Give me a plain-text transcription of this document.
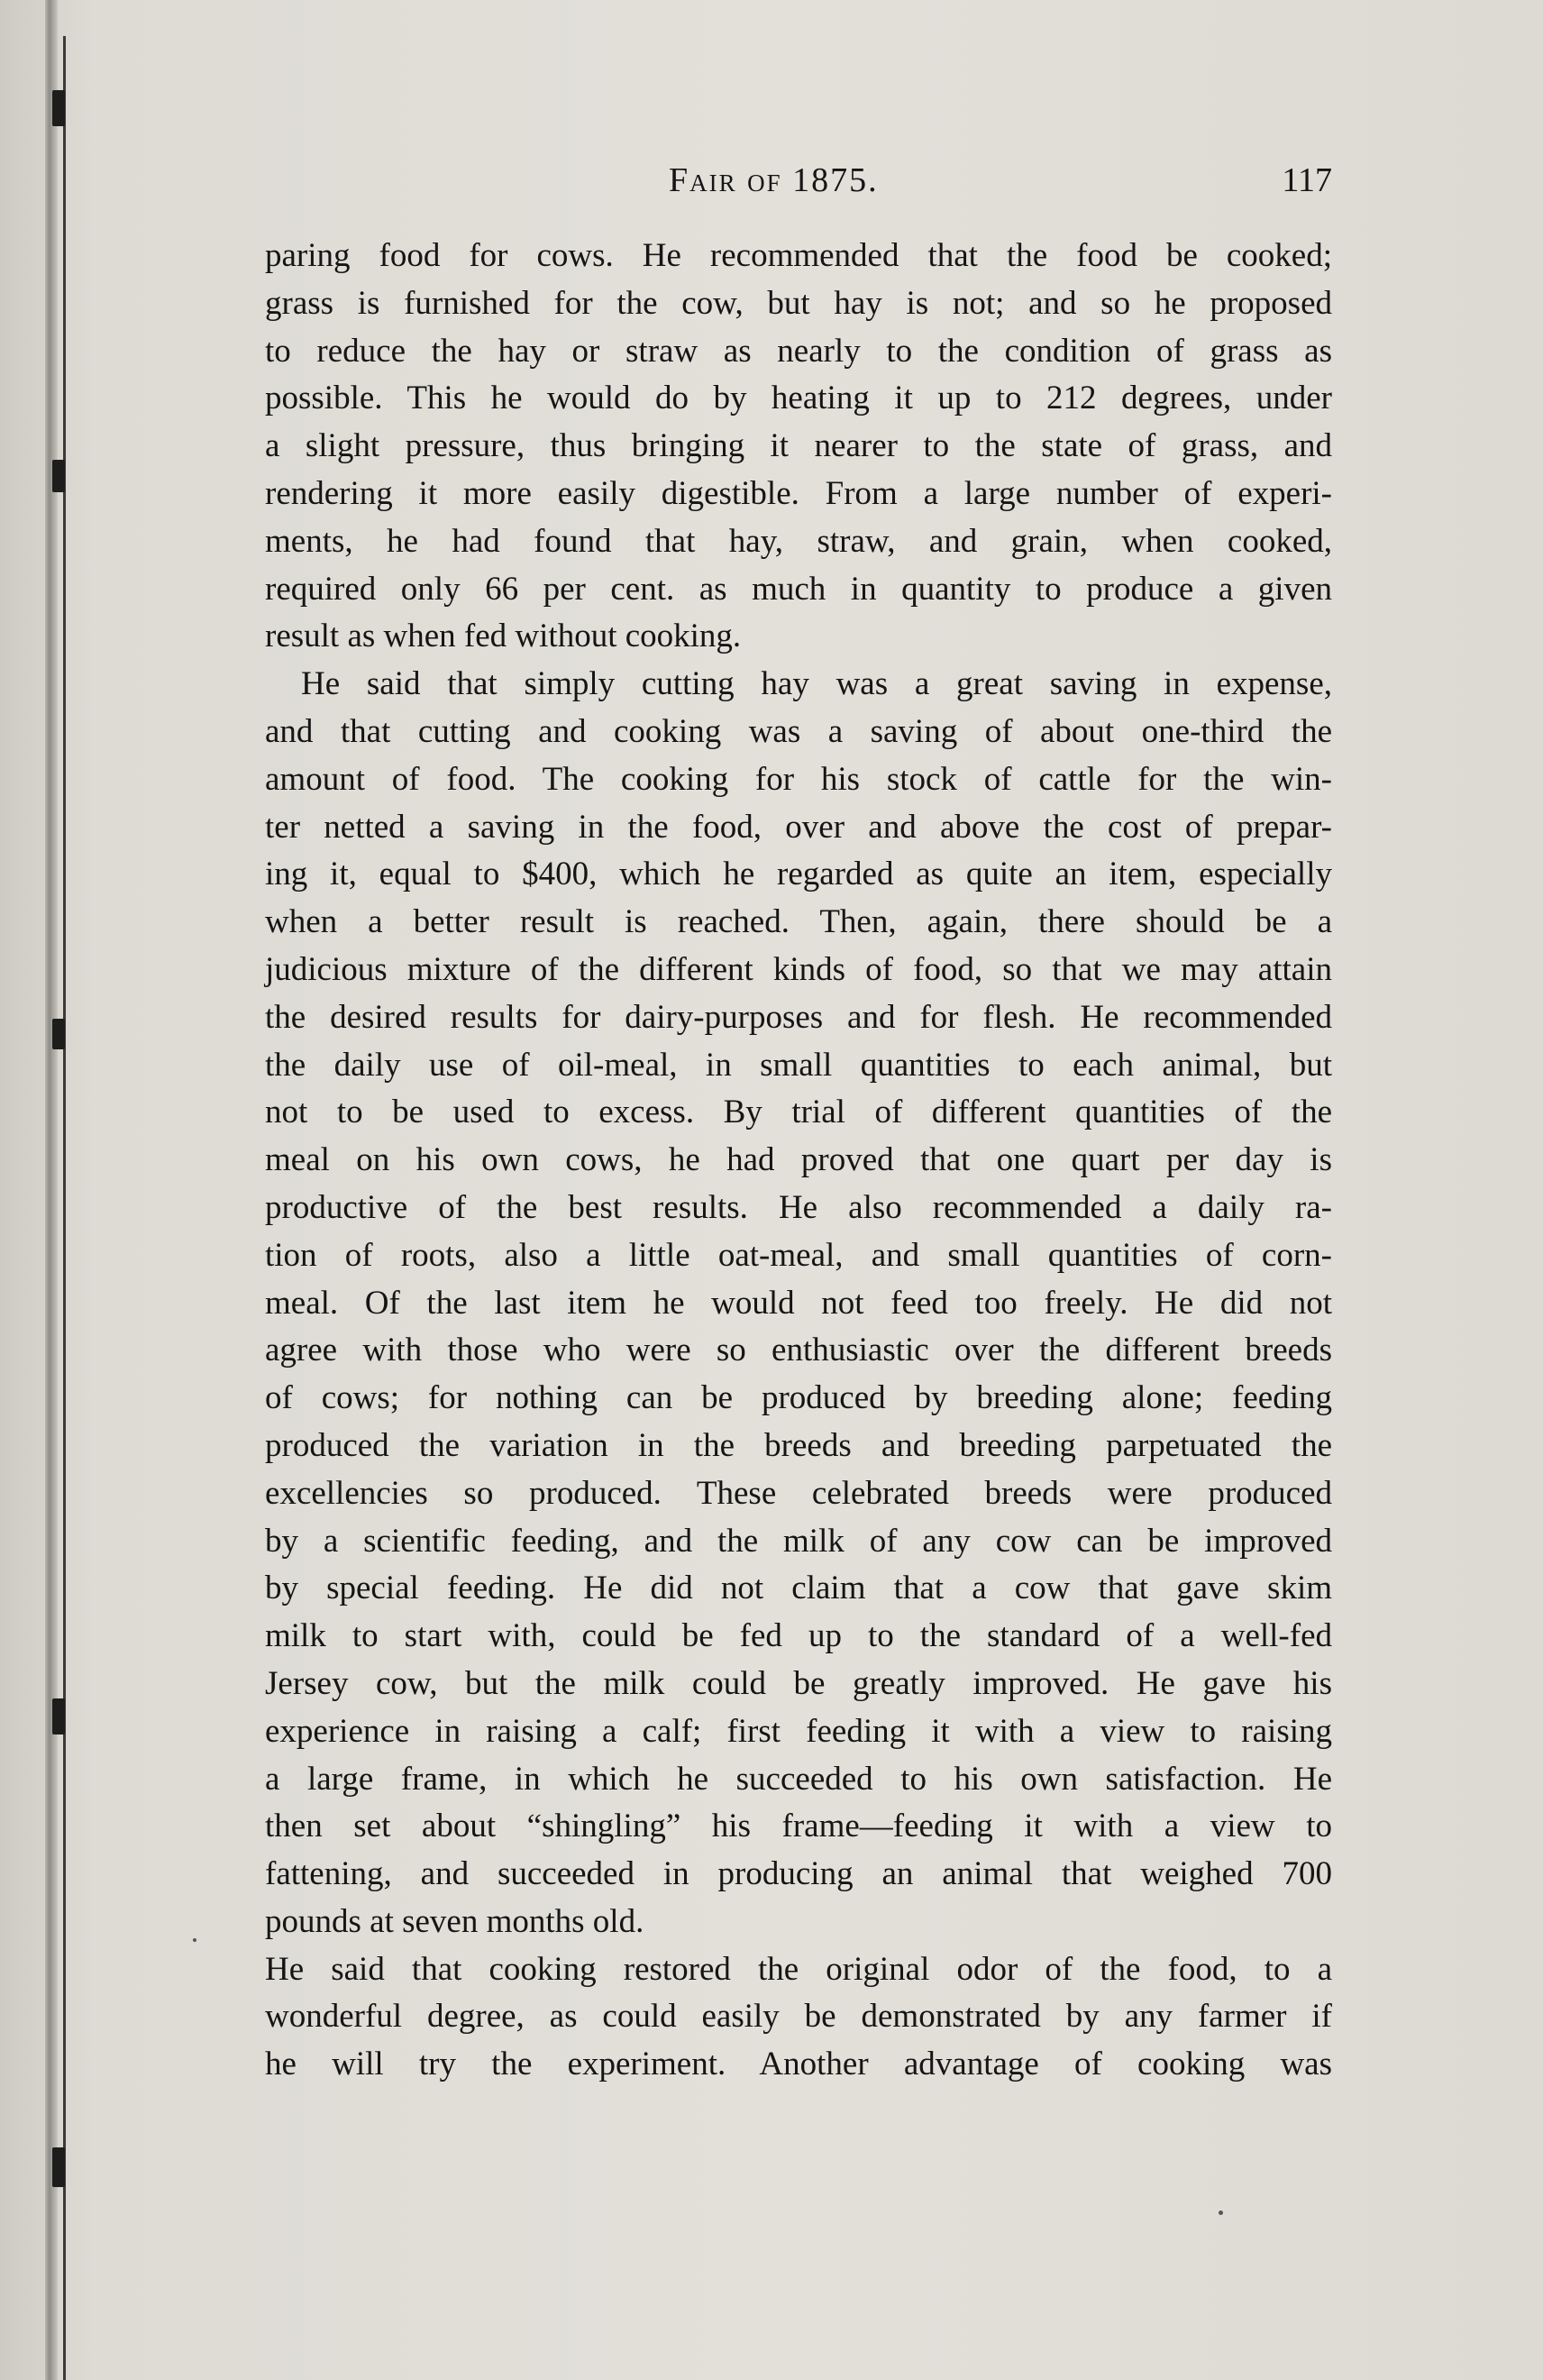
Fair of 1875.	117
paring food for cows. He recommended that the food be cooked;
grass is furnished for the cow, but hay is not; and so he proposed
to reduce the hay or straw as nearly to the condition of grass as
possible. This he would do by heating it up to 212 degrees, under
a slight pressure, thus bringing it nearer to the state of grass, and
rendering it more easily digestible. From a large number of experi-
ments, he had found that hay, straw, and grain, when cooked,
required only 66 per cent. as much in quantity to produce a given
result as when fed without cooking.
He said that simply cutting hay was a great saving in expense,
and that cutting and cooking was a saving of about one-third the
amount of food. The cooking for his stock of cattle for the win-
ter netted a saving in the food, over and above the cost of prepar-
ing it, equal to $400, which he regarded as quite an item, especially
when a better result is reached. Then, again, there should be a
judicious mixture of the different kinds of food, so that we may attain
the desired results for dairy-purposes and for flesh. He recommended
the daily use of oil-meal, in small quantities to each animal, but
not to be used to excess. By trial of different quantities of the
meal on his own cows, he had proved that one quart per day is
productive of the best results. He also recommended a daily ra-
tion of roots, also a little oat-meal, and small quantities of corn-
meal. Of the last item he would not feed too freely. He did not
agree with those who were so enthusiastic over the different breeds
of cows; for nothing can be produced by breeding alone; feeding
produced the variation in the breeds and breeding parpetuated the
excellencies so produced. These celebrated breeds were produced
by a scientific feeding, and the milk of any cow can be improved
by special feeding. He did not claim that a cow that gave skim
milk to start with, could be fed up to the standard of a well-fed
Jersey cow, but the milk could be greatly improved. He gave his
experience in raising a calf; first feeding it with a view to raising
a large frame, in which he succeeded to his own satisfaction. He
then set about “shingling” his frame—feeding it with a view to
fattening, and succeeded in producing an animal that weighed 700
pounds at seven months old.
He said that cooking restored the original odor of the food, to a
wonderful degree, as could easily be demonstrated by any farmer if
he will try the experiment. Another advantage of cooking was
